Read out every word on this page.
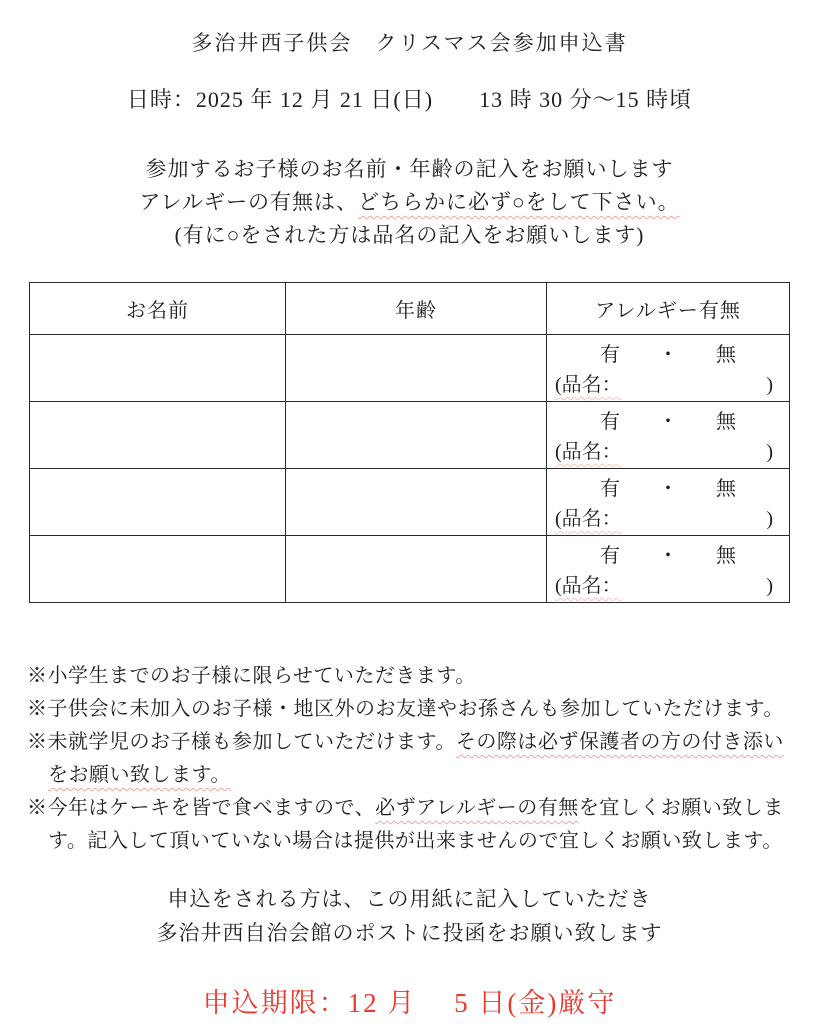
多治井西子供会　クリスマス会参加申込書
日時：2025 年 12 月 21 日(日)　　13 時 30 分～15 時頃
参加するお子様のお名前・年齢の記入をお願いします
アレルギーの有無は、どちらかに必ず○をして下さい。
(有に○をされた方は品名の記入をお願いします)
お名前	年齢	アレルギー有無

		有 ・ 無
(品名： )

		有 ・ 無
(品名： )

		有 ・ 無
(品名： )

		有 ・ 無
(品名： )

※小学生までのお子様に限らせていただきます。

※子供会に未加入のお子様・地区外のお友達やお孫さんも参加していただけます。

※未就学児のお子様も参加していただけます。その際は必ず保護者の方の付き添い

をお願い致します。

※今年はケーキを皆で食べますので、必ずアレルギーの有無を宜しくお願い致しま

す。記入して頂いていない場合は提供が出来ませんので宜しくお願い致します。

申込をされる方は、この用紙に記入していただき
多治井西自治会館のポストに投函をお願い致します
申込期限：12 月　 5 日(金)厳守
